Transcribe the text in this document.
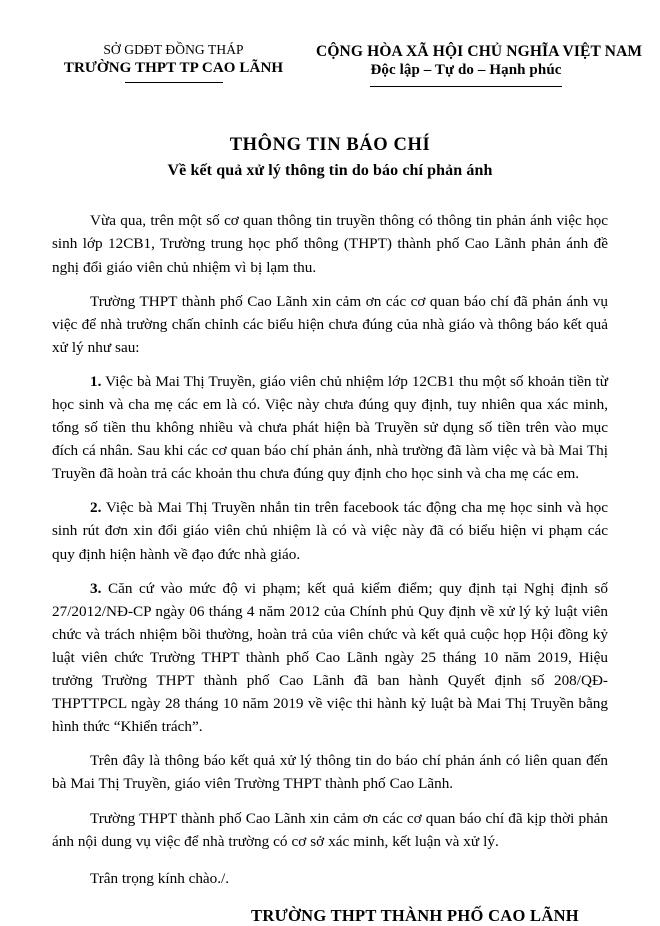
SỞ GDĐT ĐỒNG THÁP
TRƯỜNG THPT TP CAO LÃNH
CỘNG HÒA XÃ HỘI CHỦ NGHĨA VIỆT NAM
Độc lập – Tự do – Hạnh phúc
THÔNG TIN BÁO CHÍ
Về kết quả xử lý thông tin do báo chí phản ánh

Vừa qua, trên một số cơ quan thông tin truyền thông có thông tin phản ánh việc học sinh lớp 12CB1, Trường trung học phổ thông (THPT) thành phố Cao Lãnh phản ánh đề nghị đổi giáo viên chủ nhiệm vì bị lạm thu.

Trường THPT thành phố Cao Lãnh xin cảm ơn các cơ quan báo chí đã phản ánh vụ việc để nhà trường chấn chỉnh các biểu hiện chưa đúng của nhà giáo và thông báo kết quả xử lý như sau:

1. Việc bà Mai Thị Truyền, giáo viên chủ nhiệm lớp 12CB1 thu một số khoản tiền từ học sinh và cha mẹ các em là có. Việc này chưa đúng quy định, tuy nhiên qua xác minh, tổng số tiền thu không nhiều và chưa phát hiện bà Truyền sử dụng số tiền trên vào mục đích cá nhân. Sau khi các cơ quan báo chí phản ánh, nhà trường đã làm việc và bà Mai Thị Truyền đã hoàn trả các khoản thu chưa đúng quy định cho học sinh và cha mẹ các em.

2. Việc bà Mai Thị Truyền nhắn tin trên facebook tác động cha mẹ học sinh và học sinh rút đơn xin đổi giáo viên chủ nhiệm là có và việc này đã có biểu hiện vi phạm các quy định hiện hành về đạo đức nhà giáo.

3. Căn cứ vào mức độ vi phạm; kết quả kiểm điểm; quy định tại Nghị định số 27/2012/NĐ-CP ngày 06 tháng 4 năm 2012 của Chính phủ Quy định về xử lý kỷ luật viên chức và trách nhiệm bồi thường, hoàn trả của viên chức và kết quả cuộc họp Hội đồng kỷ luật viên chức Trường THPT thành phố Cao Lãnh ngày 25 tháng 10 năm 2019, Hiệu trưởng Trường THPT thành phố Cao Lãnh đã ban hành Quyết định số 208/QĐ-THPTTPCL ngày 28 tháng 10 năm 2019 về việc thi hành kỷ luật bà Mai Thị Truyền bằng hình thức “Khiển trách”.

Trên đây là thông báo kết quả xử lý thông tin do báo chí phản ánh có liên quan đến bà Mai Thị Truyền, giáo viên Trường THPT thành phố Cao Lãnh.

Trường THPT thành phố Cao Lãnh xin cảm ơn các cơ quan báo chí đã kịp thời phản ánh nội dung vụ việc để nhà trường có cơ sở xác minh, kết luận và xử lý.

Trân trọng kính chào./.
TRƯỜNG THPT THÀNH PHỐ CAO LÃNH
